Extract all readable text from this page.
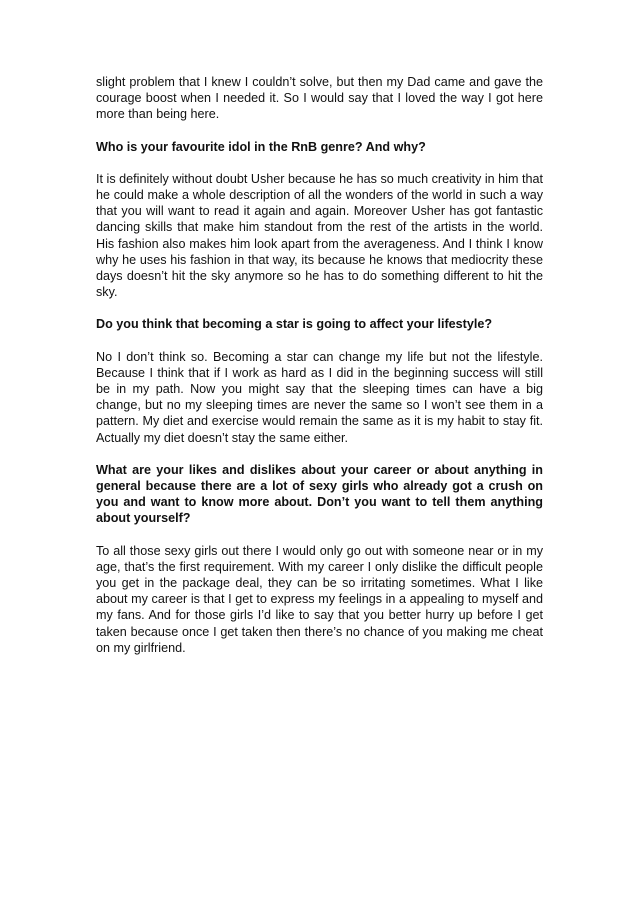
slight problem that I knew I couldn’t solve, but then my Dad came and gave the courage boost when I needed it. So I would say that I loved the way I got here more than being here.

Who is your favourite idol in the RnB genre? And why?

It is definitely without doubt Usher because he has so much creativity in him that he could make a whole description of all the wonders of the world in such a way that you will want to read it again and again. Moreover Usher has got fantastic dancing skills that make him standout from the rest of the artists in the world. His fashion also makes him look apart from the averageness. And I think I know why he uses his fashion in that way, its because he knows that mediocrity these days doesn’t hit the sky anymore so he has to do something different to hit the sky.

Do you think that becoming a star is going to affect your lifestyle?

No I don’t think so. Becoming a star can change my life but not the lifestyle. Because I think that if I work as hard as I did in the beginning success will still be in my path. Now you might say that the sleeping times can have a big change, but no my sleeping times are never the same so I won’t see them in a pattern. My diet and exercise would remain the same as it is my habit to stay fit. Actually my diet doesn’t stay the same either.

What are your likes and dislikes about your career or about anything in general because there are a lot of sexy girls who already got a crush on you and want to know more about. Don’t you want to tell them anything about yourself?

To all those sexy girls out there I would only go out with someone near or in my age, that’s the first requirement. With my career I only dislike the difficult people you get in the package deal, they can be so irritating sometimes. What I like about my career is that I get to express my feelings in a appealing to myself and my fans. And for those girls I’d like to say that you better hurry up before I get taken because once I get taken then there’s no chance of you making me cheat on my girlfriend.
